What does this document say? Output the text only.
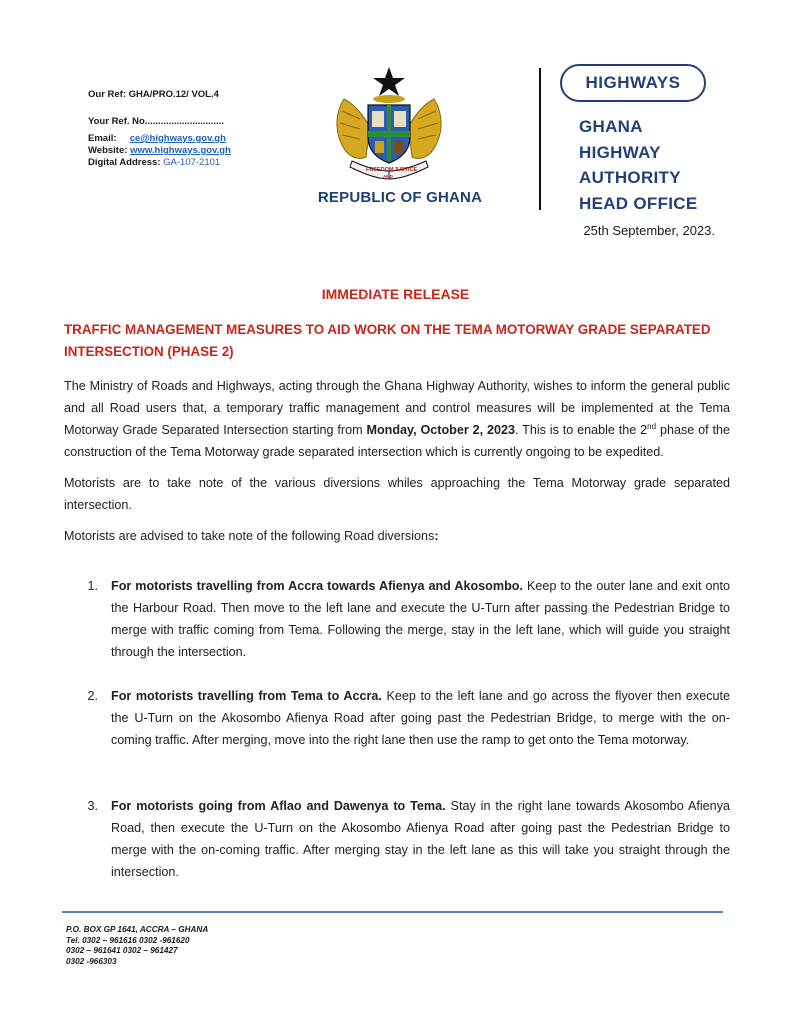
Our Ref: GHA/PRO.12/ VOL.4
Your Ref. No..............................
Email: ce@highways.gov.gh
Website: www.highways.gov.gh
Digital Address: GA-107-2101
FREEDOM JUSTICE
AND
REPUBLIC OF GHANA
HIGHWAYS
GHANA
HIGHWAY
AUTHORITY
HEAD OFFICE
25th September, 2023.
IMMEDIATE RELEASE
TRAFFIC MANAGEMENT MEASURES TO AID WORK ON THE TEMA MOTORWAY GRADE SEPARATED INTERSECTION (PHASE 2)

The Ministry of Roads and Highways, acting through the Ghana Highway Authority, wishes to inform the general public and all Road users that, a temporary traffic management and control measures will be implemented at the Tema Motorway Grade Separated Intersection starting from Monday, October 2, 2023. This is to enable the 2nd phase of the construction of the Tema Motorway grade separated intersection which is currently ongoing to be expedited.

Motorists are to take note of the various diversions whiles approaching the Tema Motorway grade separated intersection.

Motorists are advised to take note of the following Road diversions:

1.	For motorists travelling from Accra towards Afienya and Akosombo. Keep to the outer lane and exit onto the Harbour Road. Then move to the left lane and execute the U-Turn after passing the Pedestrian Bridge to merge with traffic coming from Tema. Following the merge, stay in the left lane, which will guide you straight through the intersection.
2.	For motorists travelling from Tema to Accra. Keep to the left lane and go across the flyover then execute the U-Turn on the Akosombo Afienya Road after going past the Pedestrian Bridge, to merge with the on-coming traffic. After merging, move into the right lane then use the ramp to get onto the Tema motorway.
3.	For motorists going from Aflao and Dawenya to Tema. Stay in the right lane towards Akosombo Afienya Road, then execute the U-Turn on the Akosombo Afienya Road after going past the Pedestrian Bridge to merge with the on-coming traffic. After merging stay in the left lane as this will take you straight through the intersection.
P.O. BOX GP 1641, ACCRA – GHANA
Tel. 0302 – 961616 0302 -961620
0302 – 961641 0302 – 961427
0302 -966303
